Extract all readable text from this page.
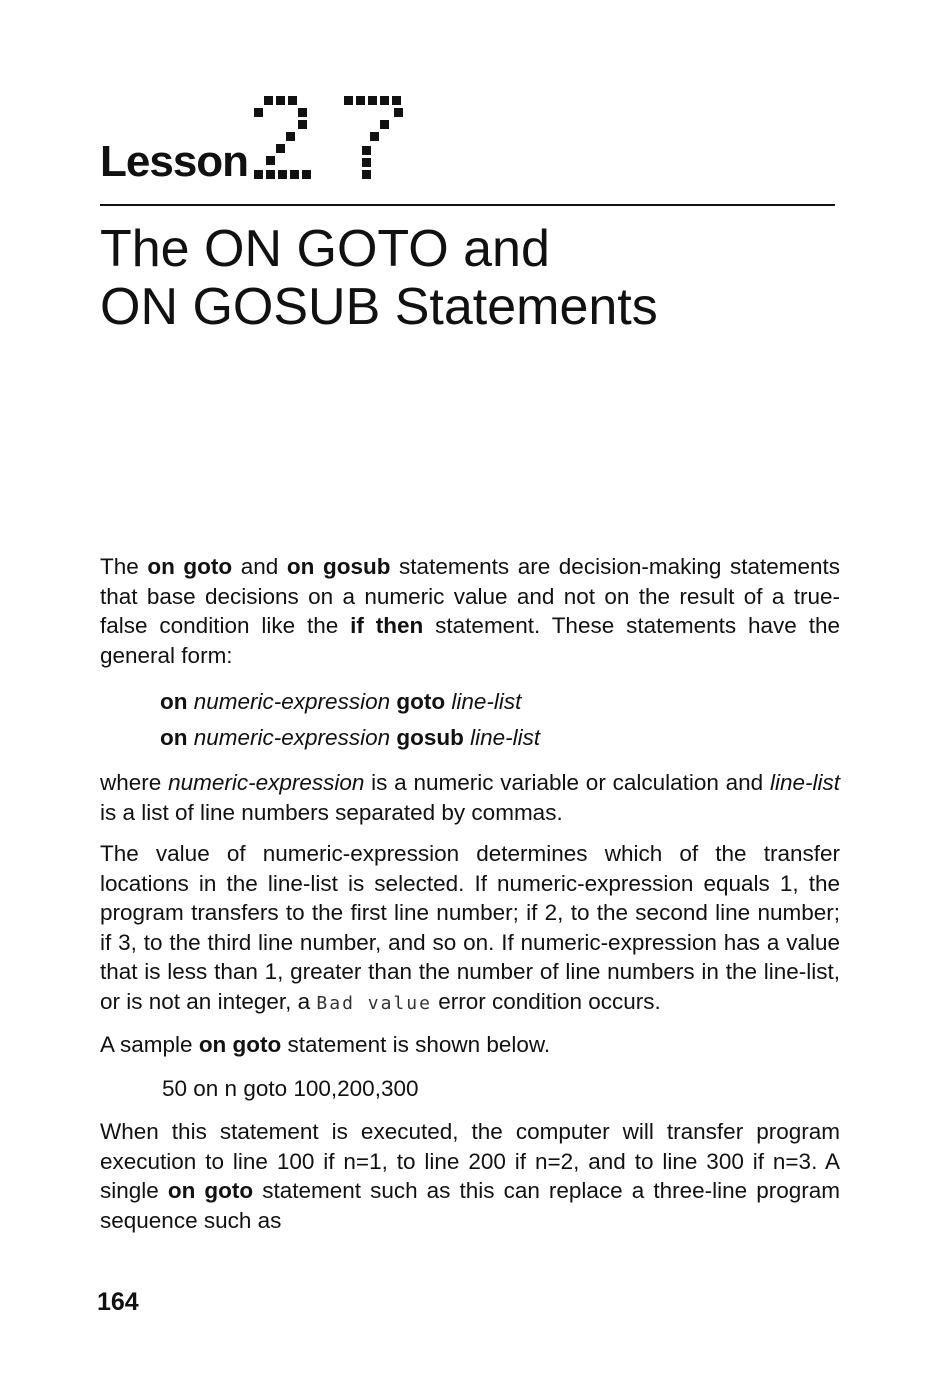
Lesson
The ON GOTO and
ON GOSUB Statements

The on goto and on gosub statements are decision-making statements that base decisions on a numeric value and not on the result of a true-false condition like the if then statement. These statements have the general form:

on numeric-expression goto line-list
on numeric-expression gosub line-list

where numeric-expression is a numeric variable or calculation and line-list is a list of line numbers separated by commas.

The value of numeric-expression determines which of the transfer locations in the line-list is selected. If numeric-expression equals 1, the program transfers to the first line number; if 2, to the second line number; if 3, to the third line number, and so on. If numeric-expression has a value that is less than 1, greater than the number of line numbers in the line-list, or is not an integer, a Bad value error condition occurs.

A sample on goto statement is shown below.

50 on n goto 100,200,300

When this statement is executed, the computer will transfer program execution to line 100 if n=1, to line 200 if n=2, and to line 300 if n=3. A single on goto statement such as this can replace a three-line program sequence such as

164
